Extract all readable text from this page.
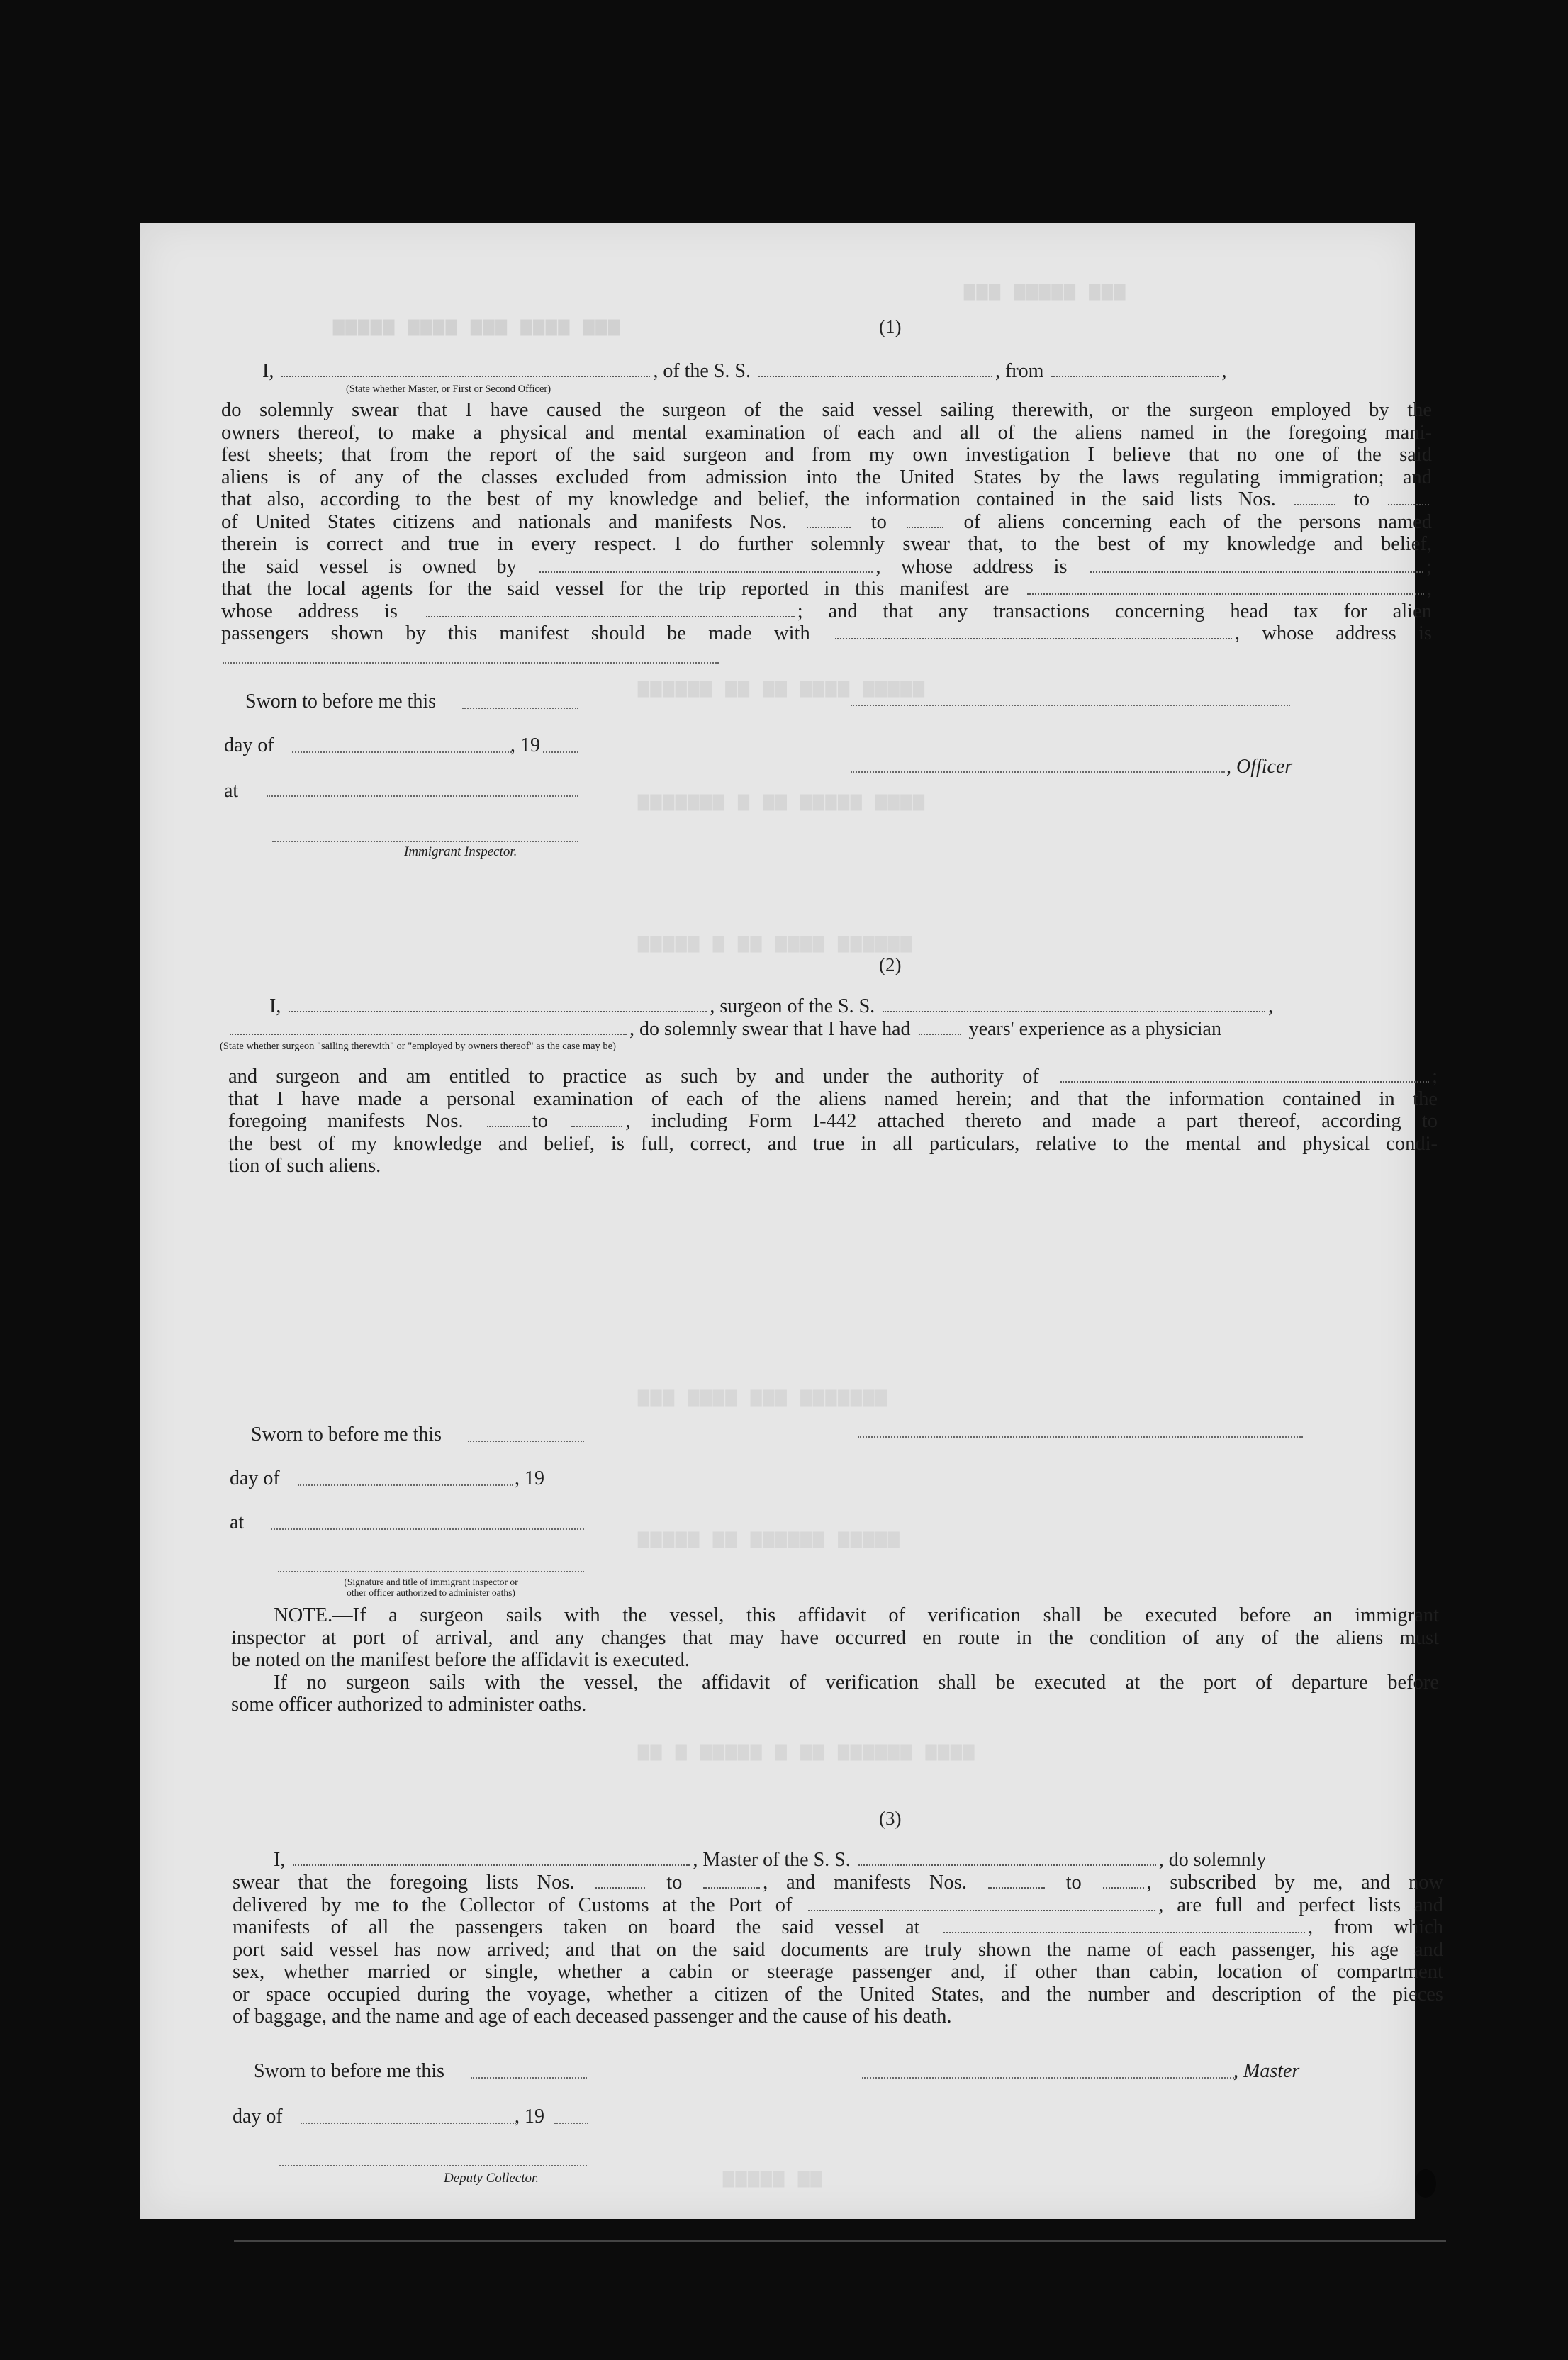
▆▆▆ ▆▆▆▆ ▆▆▆ ▆▆▆▆ ▆▆▆▆▆
▆▆▆ ▆▆▆▆▆ ▆▆▆
▆▆▆▆▆ ▆▆▆▆ ▆▆ ▆▆ ▆▆▆▆▆▆
▆▆▆▆ ▆▆▆▆▆ ▆▆ ▆ ▆▆▆▆▆▆▆
▆▆▆▆▆▆ ▆▆▆▆ ▆▆ ▆ ▆▆▆▆▆
▆▆▆▆▆▆▆ ▆▆▆ ▆▆▆▆ ▆▆▆
▆▆▆▆▆ ▆▆▆▆▆▆ ▆▆ ▆▆▆▆▆
▆▆▆▆ ▆▆▆▆▆▆ ▆▆ ▆ ▆▆▆▆▆ ▆ ▆▆
▆▆ ▆▆▆▆▆
(1)
I,	, of the S. S.	, from	,
(State whether Master, or First or Second Officer)
do solemnly swear that I have caused the surgeon of the said vessel sailing therewith, or the surgeon employed by the
owners thereof, to make a physical and mental examination of each and all of the aliens named in the foregoing mani-
fest sheets; that from the report of the said surgeon and from my own investigation I believe that no one of the said
aliens is of any of the classes excluded from admission into the United States by the laws regulating immigration; and
that also, according to the best of my knowledge and belief, the information contained in the said lists Nos.	to
of United States citizens and nationals and manifests Nos.	to	of aliens concerning each of the persons named
therein is correct and true in every respect. I do further solemnly swear that, to the best of my knowledge and belief,
the said vessel is owned by	, whose address is	;
that the local agents for the said vessel for the trip reported in this manifest are	,
whose address is	; and that any transactions concerning head tax for alien
passengers shown by this manifest should be made with	, whose address is
Sworn to before me this
day of	, 19
, Officer
at
Immigrant Inspector.
(2)
I,	, surgeon of the S. S.	,
, do solemnly swear that I have had	years' experience as a physician
(State whether surgeon "sailing therewith" or "employed by owners thereof" as the case may be)
and surgeon and am entitled to practice as such by and under the authority of	;
that I have made a personal examination of each of the aliens named herein; and that the information contained in the
foregoing manifests Nos.	to	, including Form I-442 attached thereto and made a part thereof, according to
the best of my knowledge and belief, is full, correct, and true in all particulars, relative to the mental and physical condi-
tion of such aliens.
Sworn to before me this
day of	, 19
at
(Signature and title of immigrant inspector or
other officer authorized to administer oaths)
NOTE.—If a surgeon sails with the vessel, this affidavit of verification shall be executed before an immigrant
inspector at port of arrival, and any changes that may have occurred en route in the condition of any of the aliens must
be noted on the manifest before the affidavit is executed.
If no surgeon sails with the vessel, the affidavit of verification shall be executed at the port of departure before
some officer authorized to administer oaths.
(3)
I,	, Master of the S. S.	, do solemnly
swear that the foregoing lists Nos.	to	, and manifests Nos.	to	, subscribed by me, and now
delivered by me to the Collector of Customs at the Port of	, are full and perfect lists and
manifests of all the passengers taken on board the said vessel at	, from which
port said vessel has now arrived; and that on the said documents are truly shown the name of each passenger, his age and
sex, whether married or single, whether a cabin or steerage passenger and, if other than cabin, location of compartment
or space occupied during the voyage, whether a citizen of the United States, and the number and description of the pieces
of baggage, and the name and age of each deceased passenger and the cause of his death.
Sworn to before me this	, Master
day of	, 19
Deputy Collector.
